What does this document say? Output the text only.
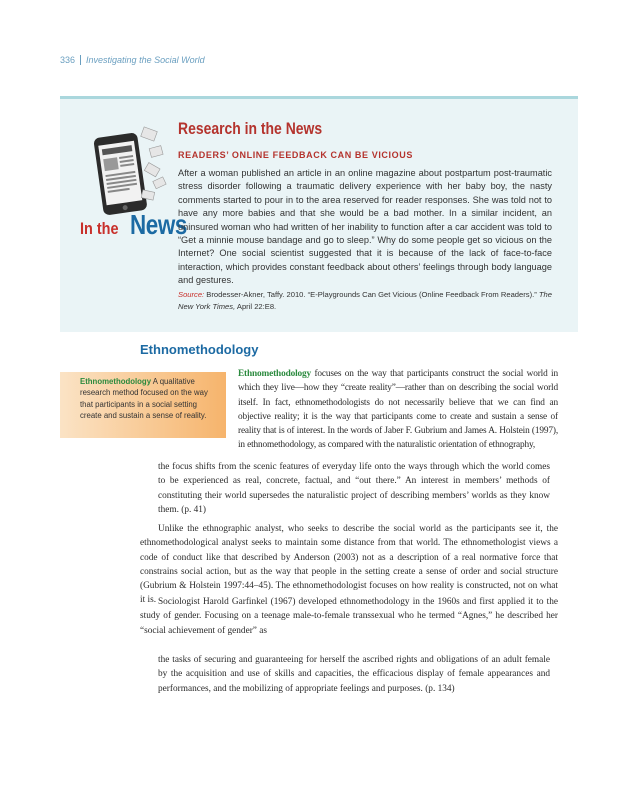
336	Investigating the Social World
In the News
Research in the News
READERS’ ONLINE FEEDBACK CAN BE VICIOUS

After a woman published an article in an online magazine about postpartum post-traumatic stress disorder following a traumatic delivery experience with her baby boy, the nasty comments started to pour in to the area reserved for reader responses. She was told not to have any more babies and that she would be a bad mother. In a similar incident, an uninsured woman who had written of her inability to function after a car accident was told to “Get a minnie mouse bandage and go to sleep.” Why do some people get so vicious on the Internet? One social scientist suggested that it is because of the lack of face-to-face interaction, which provides constant feedback about others’ feelings through body language and gestures.

Source: Brodesser-Akner, Taffy. 2010. “E-Playgrounds Can Get Vicious (Online Feedback From Readers).” The New York Times, April 22:E8.

Ethnomethodology
Ethnomethodology A qualitative research method focused on the way that participants in a social setting create and sustain a sense of reality.

Ethnomethodology focuses on the way that participants construct the social world in which they live—how they “create reality”—rather than on describing the social world itself. In fact, ethnomethodologists do not necessarily believe that we can find an objective reality; it is the way that participants come to create and sustain a sense of reality that is of interest. In the words of Jaber F. Gubrium and James A. Holstein (1997), in ethnomethodology, as compared with the naturalistic orientation of ethnography,

the focus shifts from the scenic features of everyday life onto the ways through which the world comes to be experienced as real, concrete, factual, and “out there.” An interest in members’ methods of constituting their world supersedes the naturalistic project of describing members’ worlds as they know them. (p. 41)

Unlike the ethnographic analyst, who seeks to describe the social world as the participants see it, the ethnomethodological analyst seeks to maintain some distance from that world. The ethnomethologist views a code of conduct like that described by Anderson (2003) not as a description of a real normative force that constrains social action, but as the way that people in the setting create a sense of order and social structure (Gubrium & Holstein 1997:44–45). The ethnomethodologist focuses on how reality is constructed, not on what it is. Sociologist Harold Garfinkel (1967) developed ethnomethodology in the 1960s and first applied it to the study of gender. Focusing on a teenage male-to-female transsexual who he termed “Agnes,” he described her “social achievement of gender” as

the tasks of securing and guaranteeing for herself the ascribed rights and obligations of an adult female by the acquisition and use of skills and capacities, the efficacious display of female appearances and performances, and the mobilizing of appropriate feelings and purposes. (p. 134)
